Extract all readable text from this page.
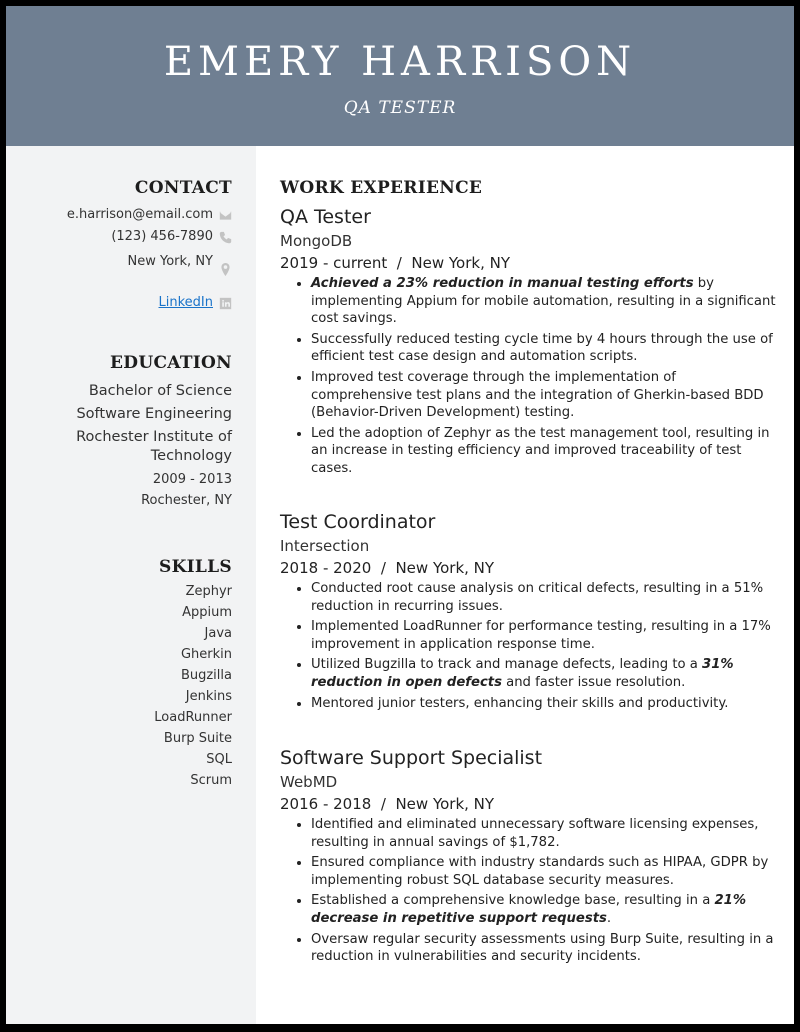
EMERY HARRISON
QA TESTER
CONTACT
e.harrison@email.com
(123) 456-7890
New York, NY
LinkedIn
EDUCATION
Bachelor of Science
Software Engineering
Rochester Institute of
Technology
2009 - 2013
Rochester, NY
SKILLS
Zephyr
Appium
Java
Gherkin
Bugzilla
Jenkins
LoadRunner
Burp Suite
SQL
Scrum
WORK EXPERIENCE
QA Tester
MongoDB
2019 - current / New York, NY
• Achieved a 23% reduction in manual testing efforts by implementing Appium for mobile automation, resulting in a significant cost savings.
• Successfully reduced testing cycle time by 4 hours through the use of efficient test case design and automation scripts.
• Improved test coverage through the implementation of comprehensive test plans and the integration of Gherkin-based BDD (Behavior-Driven Development) testing.
• Led the adoption of Zephyr as the test management tool, resulting in an increase in testing efficiency and improved traceability of test cases.
Test Coordinator
Intersection
2018 - 2020 / New York, NY
• Conducted root cause analysis on critical defects, resulting in a 51% reduction in recurring issues.
• Implemented LoadRunner for performance testing, resulting in a 17% improvement in application response time.
• Utilized Bugzilla to track and manage defects, leading to a 31% reduction in open defects and faster issue resolution.
• Mentored junior testers, enhancing their skills and productivity.
Software Support Specialist
WebMD
2016 - 2018 / New York, NY
• Identified and eliminated unnecessary software licensing expenses, resulting in annual savings of $1,782.
• Ensured compliance with industry standards such as HIPAA, GDPR by implementing robust SQL database security measures.
• Established a comprehensive knowledge base, resulting in a 21% decrease in repetitive support requests.
• Oversaw regular security assessments using Burp Suite, resulting in a reduction in vulnerabilities and security incidents.
